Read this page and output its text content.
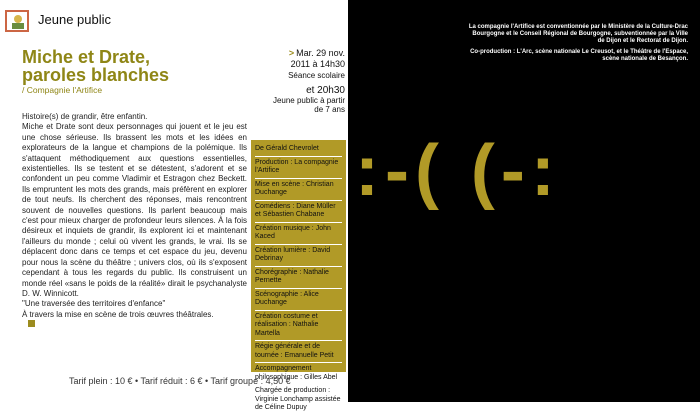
Jeune public
Miche et Drate,
paroles blanches
/ Compagnie l'Artifice
> Mar. 29 nov.
2011 à 14h30
Séance scolaire
et 20h30
Jeune public à partir
de 7 ans
Histoire(s) de grandir, être enfantin.
Miche et Drate sont deux personnages qui jouent et le jeu est une chose sérieuse. Ils brassent les mots et les idées en explorateurs de la langue et champions de la polémique. Ils s'attaquent méthodiquement aux questions essentielles, existentielles. Ils se testent et se détestent, s'adorent et se confondent un peu comme Vladimir et Estragon chez Beckett. Ils empruntent les mots des grands, mais préfèrent en explorer de tout neufs. Ils cherchent des réponses, mais rencontrent souvent de nouvelles questions. Ils parlent beaucoup mais c'est pour mieux charger de profondeur leurs silences. À la fois désireux et inquiets de grandir, ils explorent ici et maintenant l'ailleurs du monde ; celui où vivent les grands, le vrai. Ils se déplacent donc dans ce temps et cet espace du jeu, devenu pour nous la scène du théâtre ; univers clos, où ils s'exposent cependant à tous les regards du public. Ils construisent un monde réel «sans le poids de la réalité» dirait le psychanalyste D. W. Winnicott.
"Une traversée des territoires d'enfance"
À travers la mise en scène de trois œuvres théâtrales.
De Gérald Chevrolet
Production : La compagnie l'Artifice
Mise en scène : Christian Duchange
Comédiens : Diane Müller et Sébastien Chabane
Création musique : John Kaced
Création lumière : David Debrinay
Chorégraphie : Nathalie Pernette
Scénographie : Alice Duchange
Création costume et réalisation : Nathalie Martella
Régie générale et de tournée : Emanuelle Petit
Accompagnement philosophique : Gilles Abel
Chargée de production : Virginie Lonchamp assistée de Céline Dupuy
Tarif plein : 10 € • Tarif réduit : 6 € • Tarif groupe : 4,50 €
La compagnie l'Artifice est conventionnée par le Ministère de la Culture-Drac
Bourgogne et le Conseil Régional de Bourgogne, subventionnée par la Ville
de Dijon et le Rectorat de Dijon.
Co-production : L'Arc, scène nationale Le Creusot, et le Théâtre de l'Espace,
scène nationale de Besançon.
:-( (-:
